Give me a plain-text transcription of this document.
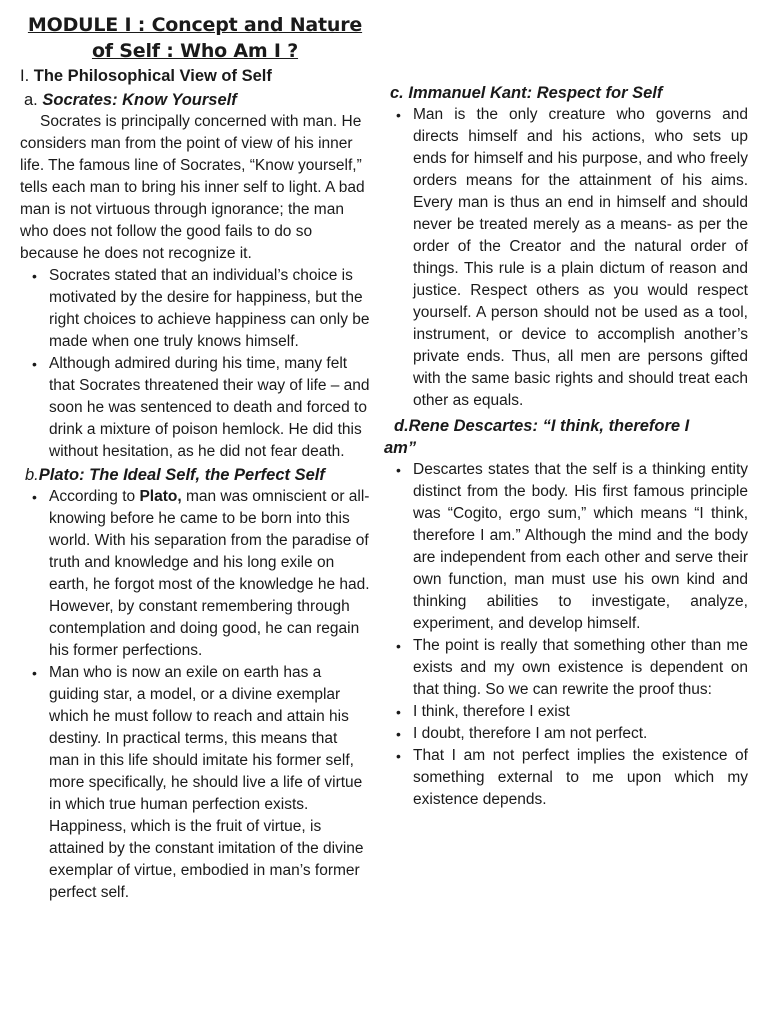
MODULE I : Concept and Nature
of Self : Who Am I ?
I. The Philosophical View of Self
a. Socrates: Know Yourself

Socrates is principally concerned with man. He considers man from the point of view of his inner life. The famous line of Socrates, “Know yourself,” tells each man to bring his inner self to light. A bad man is not virtuous through ignorance; the man who does not follow the good fails to do so because he does not recognize it.

• Socrates stated that an individual’s choice is motivated by the desire for happiness, but the right choices to achieve happiness can only be made when one truly knows himself.
• Although admired during his time, many felt that Socrates threatened their way of life – and soon he was sentenced to death and forced to drink a mixture of poison hemlock. He did this without hesitation, as he did not fear death.
b.Plato: The Ideal Self, the Perfect Self
• According to Plato, man was omniscient or all-knowing before he came to be born into this world. With his separation from the paradise of truth and knowledge and his long exile on earth, he forgot most of the knowledge he had. However, by constant remembering through contemplation and doing good, he can regain his former perfections.
• Man who is now an exile on earth has a guiding star, a model, or a divine exemplar which he must follow to reach and attain his destiny. In practical terms, this means that man in this life should imitate his former self, more specifically, he should live a life of virtue in which true human perfection exists. Happiness, which is the fruit of virtue, is attained by the constant imitation of the divine exemplar of virtue, embodied in man’s former perfect self.
c. Immanuel Kant: Respect for Self
• Man is the only creature who governs and directs himself and his actions, who sets up ends for himself and his purpose, and who freely orders means for the attainment of his aims. Every man is thus an end in himself and should never be treated merely as a means- as per the order of the Creator and the natural order of things. This rule is a plain dictum of reason and justice. Respect others as you would respect yourself. A person should not be used as a tool, instrument, or device to accomplish another’s private ends. Thus, all men are persons gifted with the same basic rights and should treat each other as equals.
d.Rene Descartes: “I think, therefore I
am”
• Descartes states that the self is a thinking entity distinct from the body. His first famous principle was “Cogito, ergo sum,” which means “I think, therefore I am.” Although the mind and the body are independent from each other and serve their own function, man must use his own kind and thinking abilities to investigate, analyze, experiment, and develop himself.
• The point is really that something other than me exists and my own existence is dependent on that thing. So we can rewrite the proof thus:
• I think, therefore I exist
• I doubt, therefore I am not perfect.
• That I am not perfect implies the existence of something external to me upon which my existence depends.
